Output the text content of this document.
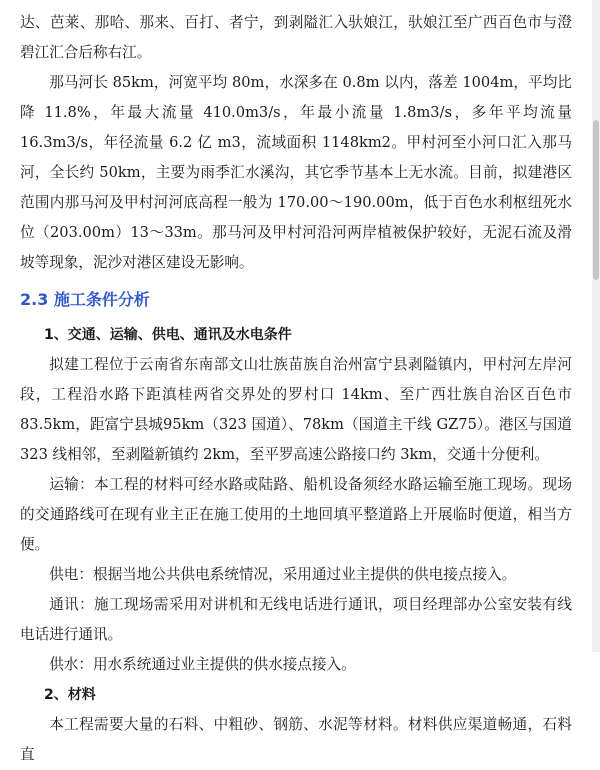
达、芭莱、那哈、那来、百打、者宁，到剥隘汇入驮娘江，驮娘江至广西百色市与澄碧江汇合后称右江。

那马河长 85km，河宽平均 80m，水深多在 0.8m 以内，落差 1004m，平均比降 11.8%，年最大流量 410.0m3/s，年最小流量 1.8m3/s，多年平均流量 16.3m3/s，年径流量 6.2 亿 m3，流域面积 1148km2。甲村河至小河口汇入那马河，全长约 50km，主要为雨季汇水溪沟，其它季节基本上无水流。目前，拟建港区范围内那马河及甲村河河底高程一般为 170.00～190.00m，低于百色水利枢纽死水位（203.00m）13～33m。那马河及甲村河沿河两岸植被保护较好，无泥石流及滑坡等现象，泥沙对港区建设无影响。

2.3 施工条件分析
1、交通、运输、供电、通讯及水电条件

拟建工程位于云南省东南部文山壮族苗族自治州富宁县剥隘镇内，甲村河左岸河段，工程沿水路下距滇桂两省交界处的罗村口 14km、至广西壮族自治区百色市 83.5km，距富宁县城95km（323 国道）、78km（国道主干线 GZ75）。港区与国道 323 线相邻，至剥隘新镇约 2km，至平罗高速公路接口约 3km，交通十分便利。

运输：本工程的材料可经水路或陆路、船机设备须经水路运输至施工现场。现场的交通路线可在现有业主正在施工使用的土地回填平整道路上开展临时便道，相当方便。

供电：根据当地公共供电系统情况，采用通过业主提供的供电接点接入。

通讯：施工现场需采用对讲机和无线电话进行通讯，项目经理部办公室安装有线电话进行通讯。

供水：用水系统通过业主提供的供水接点接入。

2、材料

本工程需要大量的石料、中粗砂、钢筋、水泥等材料。材料供应渠道畅通，石料直
